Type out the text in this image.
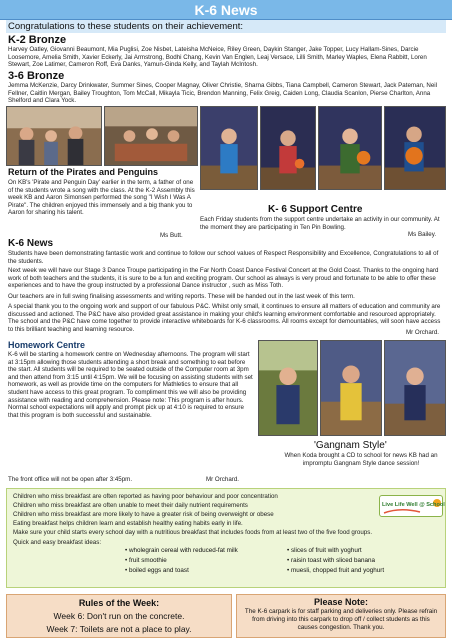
K-6 News
Congratulations to these students on their achievement:
K-2 Bronze
Harvey Oatley, Giovanni Beaumont, Mia Puglisi, Zoe Nisbet, Lateisha McNeice, Riley Green, Daykin Stanger, Jake Topper, Lucy Hallam-Sines, Darcie Loosemore, Amelia Smith, Xavier Eckerly, Jai Armstrong, Bodhi Chang, Kevin Van Englen, Leaj Versace, Lilli Smith, Marley Waples, Elena Rabbitt, Loren Stewart, Zoe Latimer, Cameron Roff, Eva Danks, Yamun-Ginda Kelly, and Taylah McIntosh.
3-6 Bronze
Jemma McKenzie, Darcy Drinkwater, Summer Sines, Cooper Magnay, Oliver Christie, Sharna Gibbs, Tiana Campbell, Cameron Stewart, Jack Pateman, Neil Fellner, Caitlin Mergan, Bailey Troughton, Tom McCall, Mikayla Ticic, Brendon Manning, Felix Greig, Caiden Long, Claudia Scanlon, Pierse Charlton, Anna Shelford and Clara Yock.
Return of the Pirates and Penguins
On KB's 'Pirate and Penguin Day' earlier in the term, a father of one of the students wrote a song with the class. At the K-2 Assembly this week KB and Aaron Simonsen performed the song "I Wish I Was A Pirate". The children enjoyed this immensely and a big thank you to Aaron for sharing his talent.
Ms Butt.
K- 6 Support Centre
Each Friday students from the support centre undertake an activity in our community. At the moment they are participating in Ten Pin Bowling.
Ms Bailey.
K-6 News
Students have been demonstrating fantastic work and continue to follow our school values of Respect Responsibility and Excellence, Congratulations to all of the students.
Next week we will have our Stage 3 Dance Troupe participating in the Far North Coast Dance Festival Concert at the Gold Coast. Thanks to the ongoing hard work of both teachers and the students, it is sure to be a fun and exciting program. Our school as always is very proud and fortunate to be able to offer these experiences and to have the group instructed by a professional Dance instructor , such as Miss Toth.
Our teachers are in full swing finalising assessments and writing reports. These will be handed out in the last week of this term.
A special thank you to the ongoing work and support of our fabulous P&C. Whilst only small, it continues to ensure all matters of education and community are discussed and actioned. The P&C have also provided great assistance in making your child's learning environment comfortable and resourced appropriately. The school and the P&C have come together to provide interactive whiteboards for K-6 classrooms. All rooms except for demountables, will soon have access to this brilliant teaching and learning resource.	Mr Orchard.
Homework Centre
K-6 will be starting a homework centre on Wednesday afternoons. The program will start at 3:15pm allowing those students attending a short break and something to eat before the start. All students will be required to be seated outside of the Computer room at 3pm and then attend from 3:15 until 4:15pm. We will be focusing on assisting students with set homework, as well as provide time on the computers for Mathletics to ensure that all student have access to this great program. To compliment this we will also be providing assistance with reading and comprehension. Please note: This program is after hours. Normal school expectations will apply and prompt pick up at 4:10 is required to ensure that this program is both successful and sustainable.
The front office will not be open after 3:45pm.	Mr Orchard.
'Gangnam Style'
When Koda brought a CD to school for news KB had an impromptu Gangnam Style dance session!
Children who miss breakfast are often reported as having poor behaviour and poor concentration
Children who miss breakfast are often unable to meet their daily nutrient requirements
Children who miss breakfast are more likely to have a greater risk of being overweight or obese
Eating breakfast helps children learn and establish healthy eating habits early in life.
Make sure your child starts every school day with a nutritious breakfast that includes foods from at least two of the five food groups.
Quick and easy breakfast ideas:
• wholegrain cereal with reduced-fat milk
• fruit smoothie
• boiled eggs and toast
• slices of fruit with yoghurt
• raisin toast with sliced banana
• muesli, chopped fruit and yoghurt
Live Life Well @ School
Rules of the Week:
Week 6: Don't run on the concrete.
Week 7: Toilets are not a place to play.
Please Note:
The K-6 carpark is for staff parking and deliveries only. Please refrain from driving into this carpark to drop off / collect students as this causes congestion. Thank you.
